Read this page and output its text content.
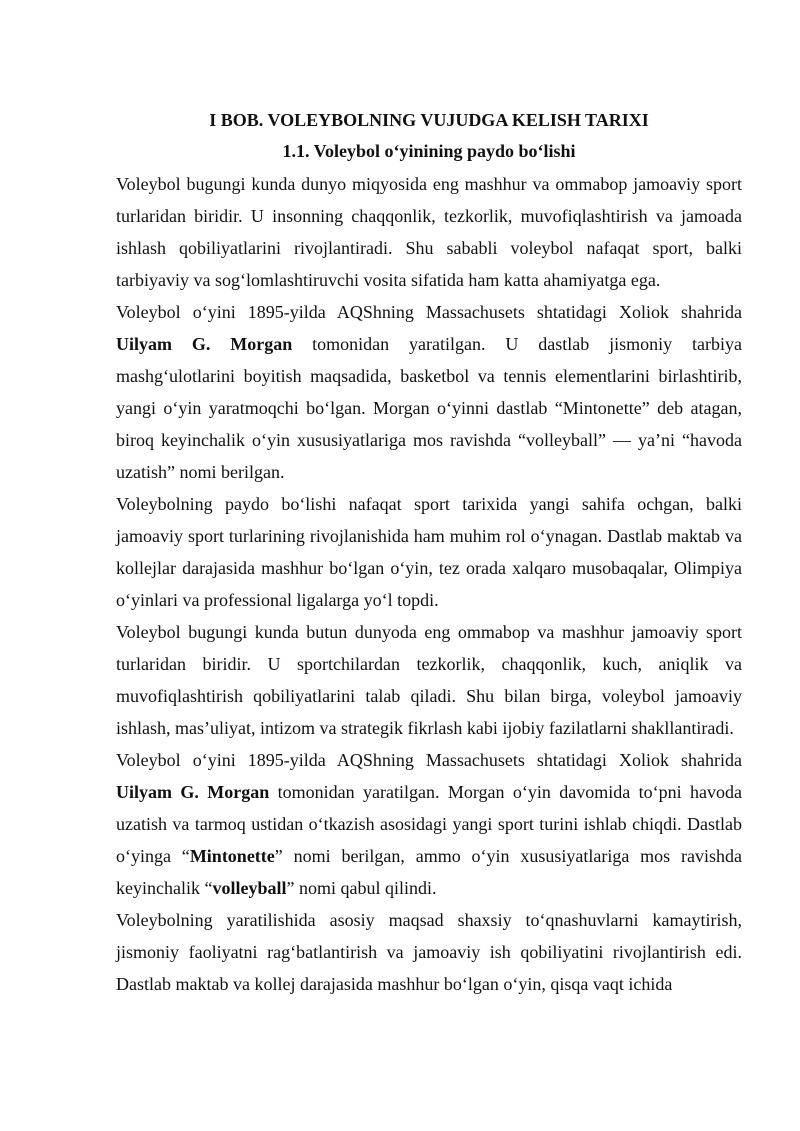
I BOB. VOLEYBOLNING VUJUDGA KELISH TARIXI
1.1. Voleybol o‘yinining paydo bo‘lishi

Voleybol bugungi kunda dunyo miqyosida eng mashhur va ommabop jamoaviy sport turlaridan biridir. U insonning chaqqonlik, tezkorlik, muvofiqlashtirish va jamoada ishlash qobiliyatlarini rivojlantiradi. Shu sababli voleybol nafaqat sport, balki tarbiyaviy va sog‘lomlashtiruvchi vosita sifatida ham katta ahamiyatga ega.

Voleybol o‘yini 1895-yilda AQShning Massachusets shtatidagi Xoliok shahrida Uilyam G. Morgan tomonidan yaratilgan. U dastlab jismoniy tarbiya mashg‘ulotlarini boyitish maqsadida, basketbol va tennis elementlarini birlashtirib, yangi o‘yin yaratmoqchi bo‘lgan. Morgan o‘yinni dastlab “Mintonette” deb atagan, biroq keyinchalik o‘yin xususiyatlariga mos ravishda “volleyball” — ya’ni “havoda uzatish” nomi berilgan.

Voleybolning paydo bo‘lishi nafaqat sport tarixida yangi sahifa ochgan, balki jamoaviy sport turlarining rivojlanishida ham muhim rol o‘ynagan. Dastlab maktab va kollejlar darajasida mashhur bo‘lgan o‘yin, tez orada xalqaro musobaqalar, Olimpiya o‘yinlari va professional ligalarga yo‘l topdi.

Voleybol bugungi kunda butun dunyoda eng ommabop va mashhur jamoaviy sport turlaridan biridir. U sportchilardan tezkorlik, chaqqonlik, kuch, aniqlik va muvofiqlashtirish qobiliyatlarini talab qiladi. Shu bilan birga, voleybol jamoaviy ishlash, mas’uliyat, intizom va strategik fikrlash kabi ijobiy fazilatlarni shakllantiradi.

Voleybol o‘yini 1895-yilda AQShning Massachusets shtatidagi Xoliok shahrida Uilyam G. Morgan tomonidan yaratilgan. Morgan o‘yin davomida to‘pni havoda uzatish va tarmoq ustidan o‘tkazish asosidagi yangi sport turini ishlab chiqdi. Dastlab o‘yinga “Mintonette” nomi berilgan, ammo o‘yin xususiyatlariga mos ravishda keyinchalik “volleyball” nomi qabul qilindi.

Voleybolning yaratilishida asosiy maqsad shaxsiy to‘qnashuvlarni kamaytirish, jismoniy faoliyatni rag‘batlantirish va jamoaviy ish qobiliyatini rivojlantirish edi. Dastlab maktab va kollej darajasida mashhur bo‘lgan o‘yin, qisqa vaqt ichida
